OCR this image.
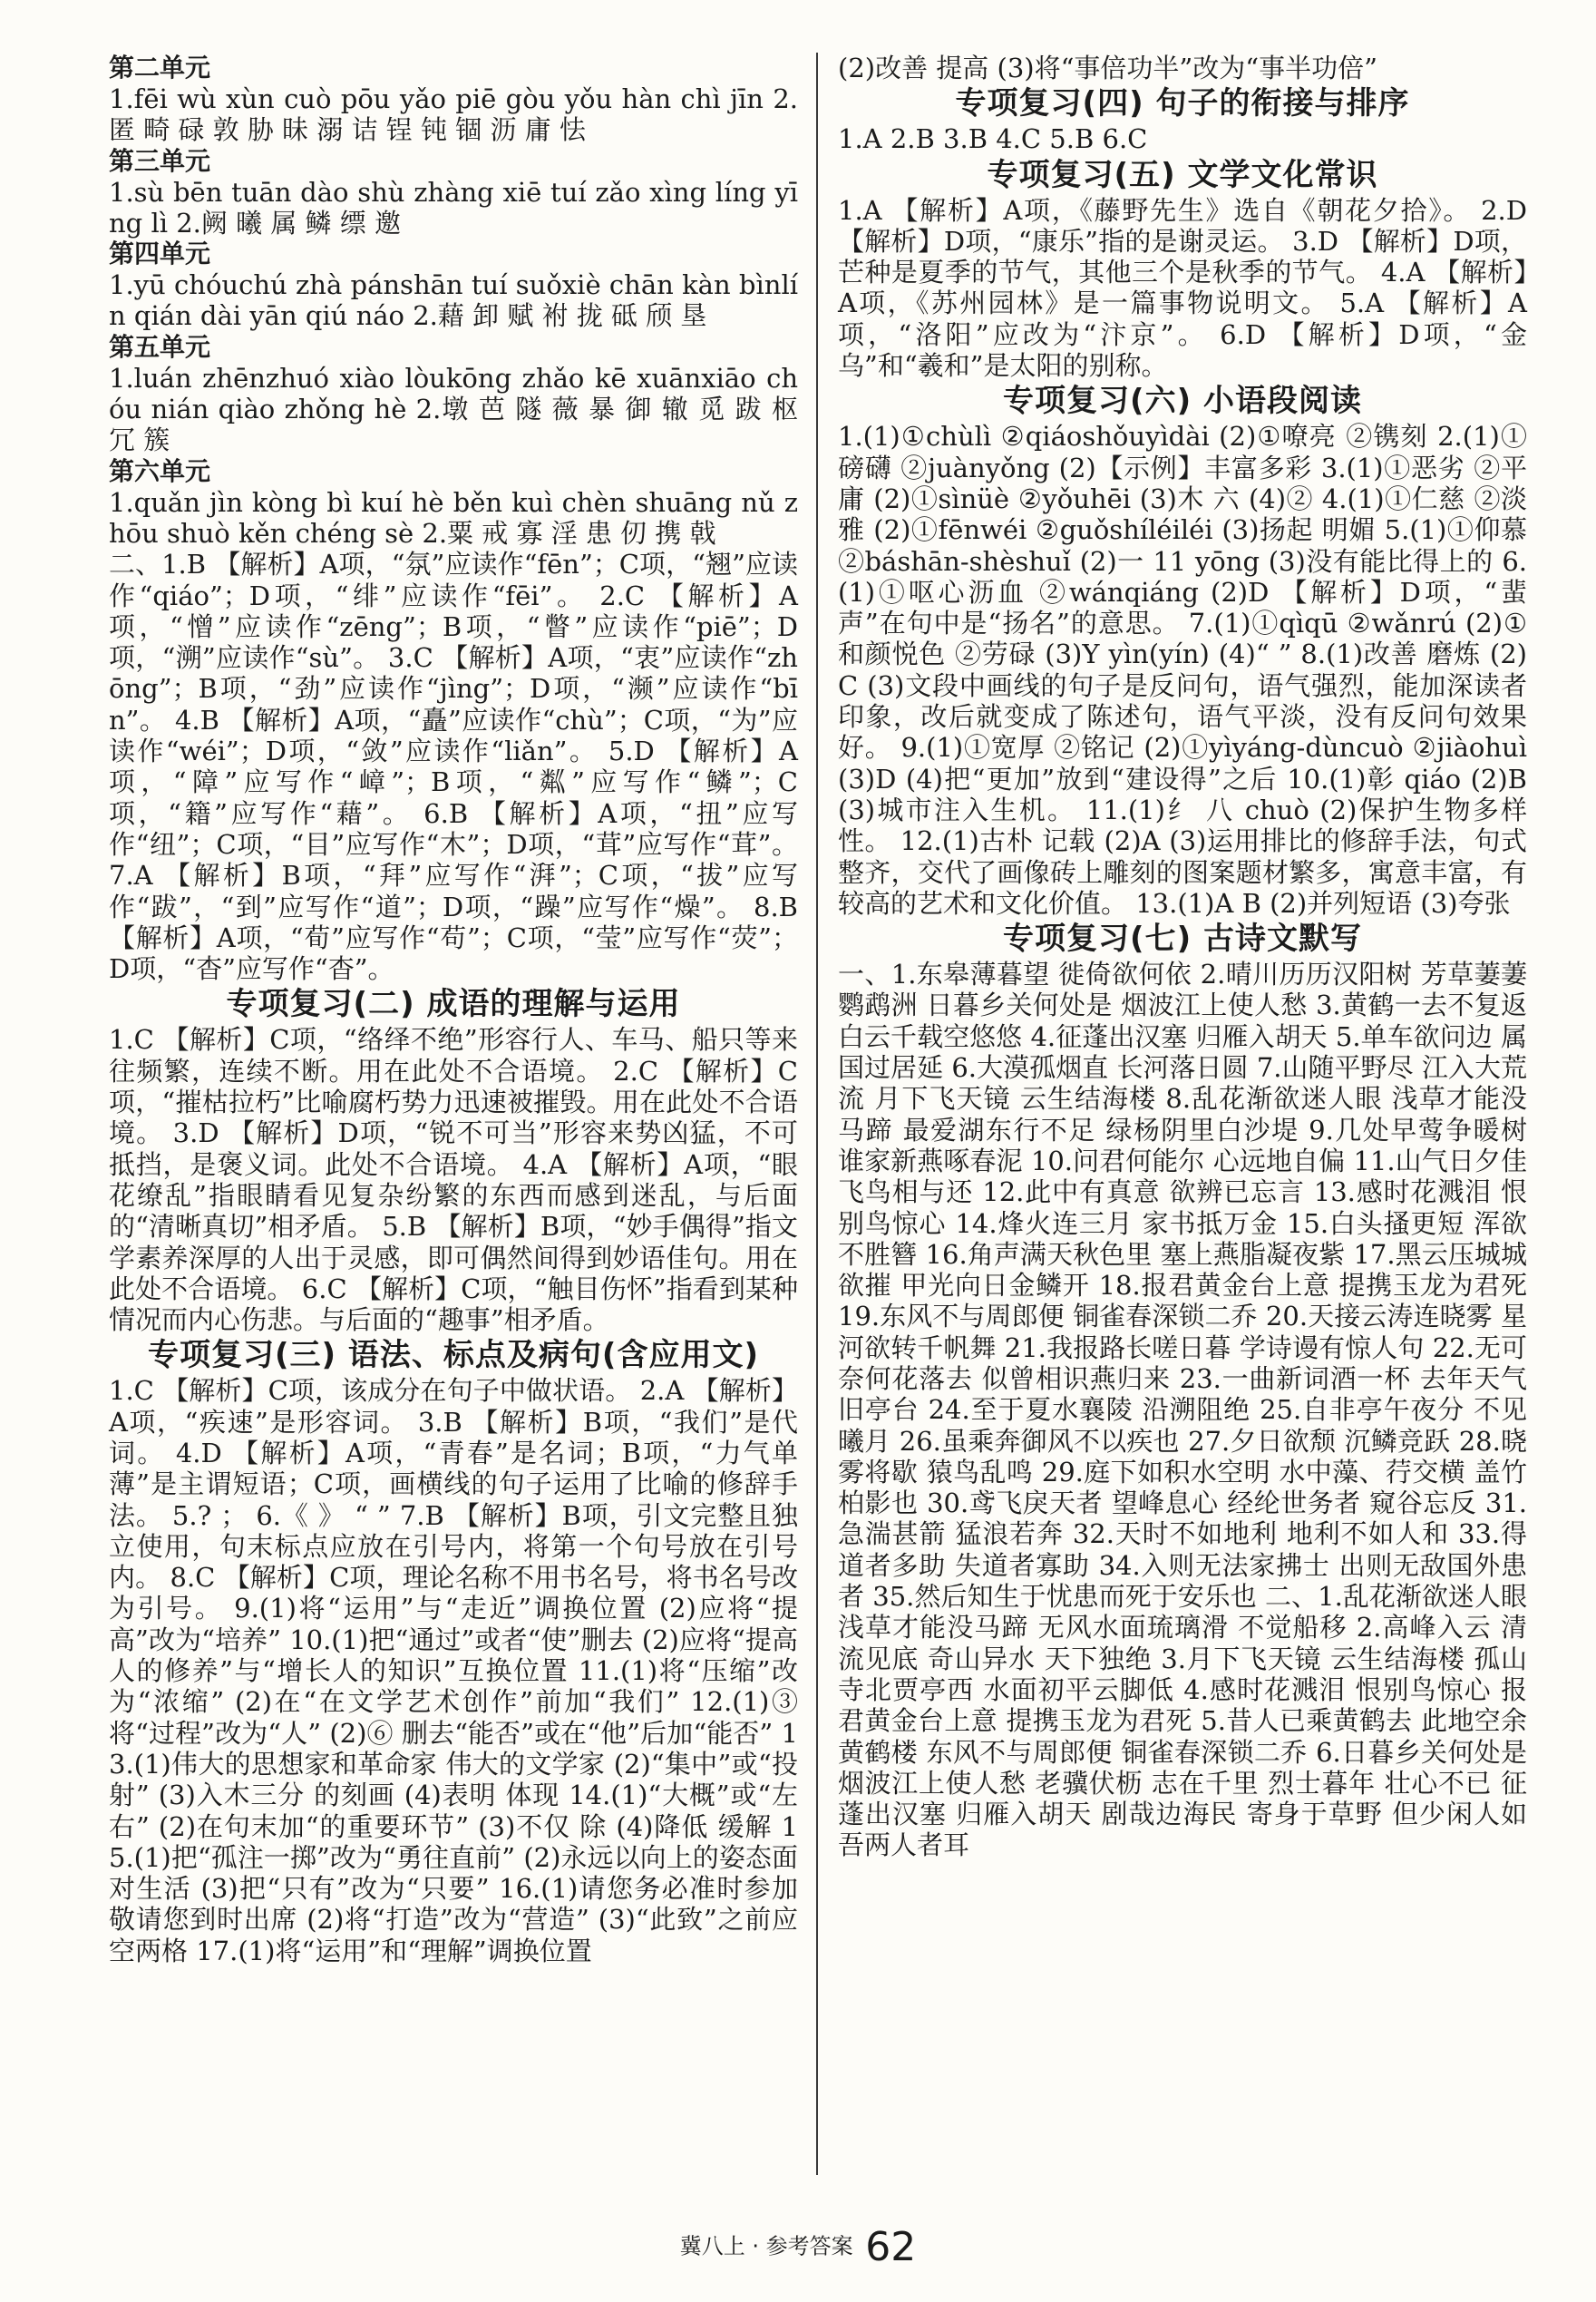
第二单元

1.fēi wù xùn cuò pōu yǎo piē gòu yǒu hàn chì jīn 2.匿 畸 碌 敦 胁 昧 溺 诘 锃 钝 锢 沥 庸 怯

第三单元

1.sù bēn tuān dào shù zhàng xiē tuí zǎo xìng líng yīng lì 2.阙 曦 属 鳞 缥 邀

第四单元

1.yū chóuchú zhà pánshān tuí suǒxiè chān kàn bìnlín qián dài yān qiú náo 2.藉 卸 赋 袝 拢 砥 颀 垦

第五单元

1.luán zhēnzhuó xiào lòukōng zhǎo kē xuānxiāo chóu nián qiào zhǒng hè 2.墩 芭 隧 薇 暴 御 辙 觅 跋 枢 冗 簇

第六单元

1.quǎn jìn kòng bì kuí hè běn kuì chèn shuāng nǔ zhōu shuò kěn chéng sè 2.粟 戒 寡 淫 患 仞 携 戟

二、1.B 【解析】A项，“氛”应读作“fēn”；C项，“翘”应读作“qiáo”；D项，“绯”应读作“fēi”。 2.C 【解析】A项，“憎”应读作“zēng”；B项，“瞥”应读作“piē”；D项，“溯”应读作“sù”。 3.C 【解析】A项，“衷”应读作“zhōng”；B项，“劲”应读作“jìng”；D项，“濒”应读作“bīn”。 4.B 【解析】A项，“矗”应读作“chù”；C项，“为”应读作“wéi”；D项，“敛”应读作“liǎn”。 5.D 【解析】A项，“障”应写作“嶂”；B项，“粼”应写作“鳞”；C项，“籍”应写作“藉”。 6.B 【解析】A项，“扭”应写作“纽”；C项，“目”应写作“木”；D项，“茸”应写作“茸”。 7.A 【解析】B项，“拜”应写作“湃”；C项，“拔”应写作“跋”，“到”应写作“道”；D项，“躁”应写作“燥”。 8.B 【解析】A项，“荀”应写作“苟”；C项，“莹”应写作“荧”；D项，“杳”应写作“杳”。

专项复习(二) 成语的理解与运用

1.C 【解析】C项，“络绎不绝”形容行人、车马、船只等来往频繁，连续不断。用在此处不合语境。 2.C 【解析】C项，“摧枯拉朽”比喻腐朽势力迅速被摧毁。用在此处不合语境。 3.D 【解析】D项，“锐不可当”形容来势凶猛，不可抵挡，是褒义词。此处不合语境。 4.A 【解析】A项，“眼花缭乱”指眼睛看见复杂纷繁的东西而感到迷乱，与后面的“清晰真切”相矛盾。 5.B 【解析】B项，“妙手偶得”指文学素养深厚的人出于灵感，即可偶然间得到妙语佳句。用在此处不合语境。 6.C 【解析】C项，“触目伤怀”指看到某种情况而内心伤悲。与后面的“趣事”相矛盾。

专项复习(三) 语法、标点及病句(含应用文)

1.C 【解析】C项，该成分在句子中做状语。 2.A 【解析】A项，“疾速”是形容词。 3.B 【解析】B项，“我们”是代词。 4.D 【解析】A项，“青春”是名词；B项，“力气单薄”是主谓短语；C项，画横线的句子运用了比喻的修辞手法。 5.? ； 6.《 》 “ ” 7.B 【解析】B项，引文完整且独立使用，句末标点应放在引号内，将第一个句号放在引号内。 8.C 【解析】C项，理论名称不用书名号，将书名号改为引号。 9.(1)将“运用”与“走近”调换位置 (2)应将“提高”改为“培养” 10.(1)把“通过”或者“使”删去 (2)应将“提高人的修养”与“增长人的知识”互换位置 11.(1)将“压缩”改为“浓缩” (2)在“在文学艺术创作”前加“我们” 12.(1)③ 将“过程”改为“人” (2)⑥ 删去“能否”或在“他”后加“能否” 13.(1)伟大的思想家和革命家 伟大的文学家 (2)“集中”或“投射” (3)入木三分 的刻画 (4)表明 体现 14.(1)“大概”或“左右” (2)在句末加“的重要环节” (3)不仅 除 (4)降低 缓解 15.(1)把“孤注一掷”改为“勇往直前” (2)永远以向上的姿态面对生活 (3)把“只有”改为“只要” 16.(1)请您务必准时参加 敬请您到时出席 (2)将“打造”改为“营造” (3)“此致”之前应空两格 17.(1)将“运用”和“理解”调换位置

(2)改善 提高 (3)将“事倍功半”改为“事半功倍”

专项复习(四) 句子的衔接与排序

1.A 2.B 3.B 4.C 5.B 6.C

专项复习(五) 文学文化常识

1.A 【解析】A项，《藤野先生》选自《朝花夕拾》。 2.D 【解析】D项，“康乐”指的是谢灵运。 3.D 【解析】D项，芒种是夏季的节气，其他三个是秋季的节气。 4.A 【解析】A项，《苏州园林》是一篇事物说明文。 5.A 【解析】A项，“洛阳”应改为“汴京”。 6.D 【解析】D项，“金乌”和“羲和”是太阳的别称。

专项复习(六) 小语段阅读

1.(1)①chùlì ②qiáoshǒuyìdài (2)①嘹亮 ②镌刻 2.(1)①磅礴 ②juànyǒng (2)【示例】丰富多彩 3.(1)①恶劣 ②平庸 (2)①sìnüè ②yǒuhēi (3)木 六 (4)② 4.(1)①仁慈 ②淡雅 (2)①fēnwéi ②guǒshíléiléi (3)扬起 明媚 5.(1)①仰慕 ②báshān-shèshuǐ (2)一 11 yōng (3)没有能比得上的 6.(1)①呕心沥血 ②wánqiáng (2)D 【解析】D项，“蜚声”在句中是“扬名”的意思。 7.(1)①qìqū ②wǎnrú (2)①和颜悦色 ②劳碌 (3)Y yìn(yín) (4)“ ” 8.(1)改善 磨炼 (2)C (3)文段中画线的句子是反问句，语气强烈，能加深读者印象，改后就变成了陈述句，语气平淡，没有反问句效果好。 9.(1)①宽厚 ②铭记 (2)①yìyáng-dùncuò ②jiàohuì (3)D (4)把“更加”放到“建设得”之后 10.(1)彰 qiáo (2)B (3)城市注入生机。 11.(1)纟 八 chuò (2)保护生物多样性。 12.(1)古朴 记载 (2)A (3)运用排比的修辞手法，句式整齐，交代了画像砖上雕刻的图案题材繁多，寓意丰富，有较高的艺术和文化价值。 13.(1)A B (2)并列短语 (3)夸张

专项复习(七) 古诗文默写

一、1.东皋薄暮望 徙倚欲何依 2.晴川历历汉阳树 芳草萋萋鹦鹉洲 日暮乡关何处是 烟波江上使人愁 3.黄鹤一去不复返 白云千载空悠悠 4.征蓬出汉塞 归雁入胡天 5.单车欲问边 属国过居延 6.大漠孤烟直 长河落日圆 7.山随平野尽 江入大荒流 月下飞天镜 云生结海楼 8.乱花渐欲迷人眼 浅草才能没马蹄 最爱湖东行不足 绿杨阴里白沙堤 9.几处早莺争暖树 谁家新燕啄春泥 10.问君何能尔 心远地自偏 11.山气日夕佳 飞鸟相与还 12.此中有真意 欲辨已忘言 13.感时花溅泪 恨别鸟惊心 14.烽火连三月 家书抵万金 15.白头搔更短 浑欲不胜簪 16.角声满天秋色里 塞上燕脂凝夜紫 17.黑云压城城欲摧 甲光向日金鳞开 18.报君黄金台上意 提携玉龙为君死 19.东风不与周郎便 铜雀春深锁二乔 20.天接云涛连晓雾 星河欲转千帆舞 21.我报路长嗟日暮 学诗谩有惊人句 22.无可奈何花落去 似曾相识燕归来 23.一曲新词酒一杯 去年天气旧亭台 24.至于夏水襄陵 沿溯阻绝 25.自非亭午夜分 不见曦月 26.虽乘奔御风不以疾也 27.夕日欲颓 沉鳞竞跃 28.晓雾将歇 猿鸟乱鸣 29.庭下如积水空明 水中藻、荇交横 盖竹柏影也 30.鸢飞戾天者 望峰息心 经纶世务者 窥谷忘反 31.急湍甚箭 猛浪若奔 32.天时不如地利 地利不如人和 33.得道者多助 失道者寡助 34.入则无法家拂士 出则无敌国外患者 35.然后知生于忧患而死于安乐也 二、1.乱花渐欲迷人眼 浅草才能没马蹄 无风水面琉璃滑 不觉船移 2.高峰入云 清流见底 奇山异水 天下独绝 3.月下飞天镜 云生结海楼 孤山寺北贾亭西 水面初平云脚低 4.感时花溅泪 恨别鸟惊心 报君黄金台上意 提携玉龙为君死 5.昔人已乘黄鹤去 此地空余黄鹤楼 东风不与周郎便 铜雀春深锁二乔 6.日暮乡关何处是 烟波江上使人愁 老骥伏枥 志在千里 烈士暮年 壮心不已 征蓬出汉塞 归雁入胡天 剧哉边海民 寄身于草野 但少闲人如吾两人者耳

冀八上 · 参考答案 62
